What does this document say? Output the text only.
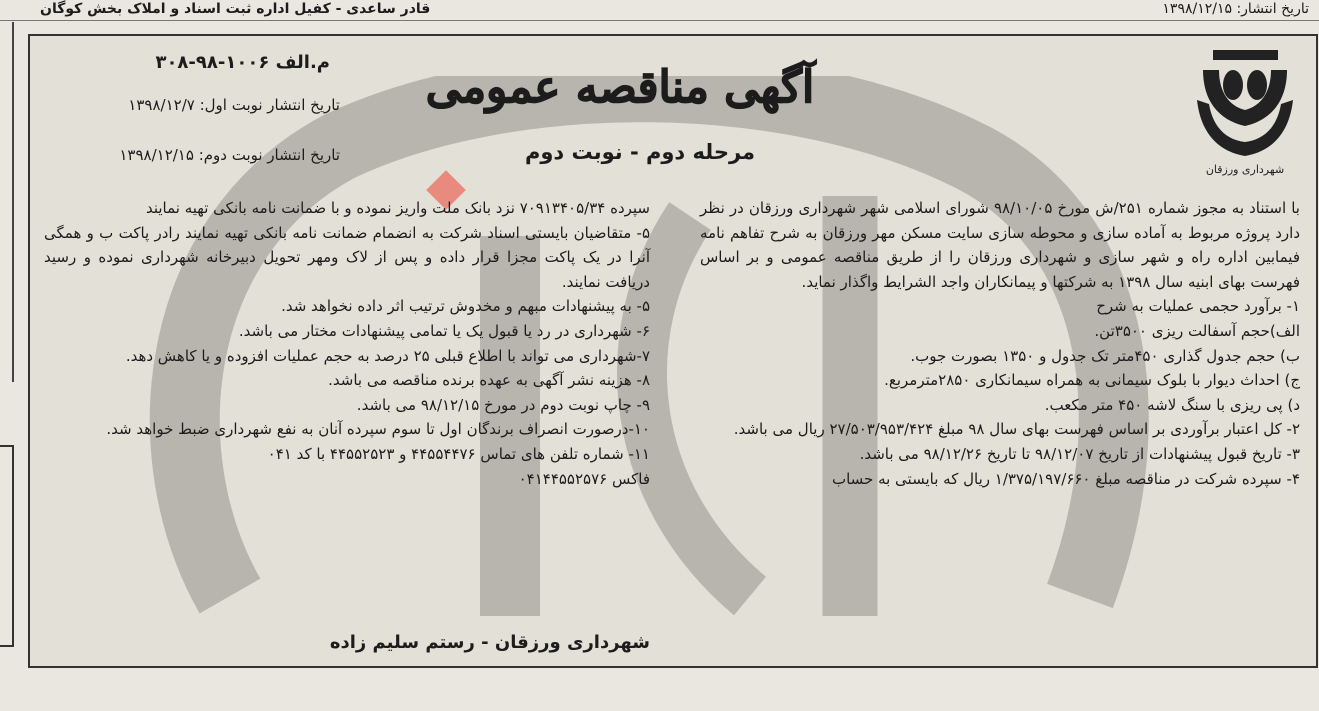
تاریخ انتشار: ۱۳۹۸/۱۲/۱۵
قادر ساعدی - کفیل اداره ثبت اسناد و املاک بخش کوگان
شهرداری ورزقان
آگهی مناقصه عمومی
مرحله دوم - نوبت دوم
م.الف ۱۰۰۶-۹۸-۳۰۸
تاریخ انتشار نوبت اول: ۱۳۹۸/۱۲/۷
تاریخ انتشار نوبت دوم: ۱۳۹۸/۱۲/۱۵

با استناد به مجوز شماره ۲۵۱/ش مورخ ۹۸/۱۰/۰۵ شورای اسلامی شهر شهرداری ورزقان در نظر دارد پروژه مربوط به آماده سازی و محوطه سازی سایت مسکن مهر ورزقان به شرح تفاهم نامه فیمابین اداره راه و شهر سازی و شهرداری ورزقان را از طریق مناقصه عمومی و بر اساس فهرست بهای ابنیه سال ۱۳۹۸ به شرکتها و پیمانکاران واجد الشرایط واگذار نماید.

۱- برآورد حجمی عملیات به شرح

الف)حجم آسفالت ریزی ۳۵۰۰تن.

ب) حجم جدول گذاری ۴۵۰متر تک جدول و ۱۳۵۰ بصورت جوب.

ج) احداث دیوار با بلوک سیمانی به همراه سیمانکاری ۲۸۵۰مترمربع.

د) پی ریزی با سنگ لاشه ۴۵۰ متر مکعب.

۲- کل اعتبار برآوردی بر اساس فهرست بهای سال ۹۸ مبلغ ۲۷/۵۰۳/۹۵۳/۴۲۴ ریال می باشد.

۳- تاریخ قبول پیشنهادات از تاریخ ۹۸/۱۲/۰۷ تا تاریخ ۹۸/۱۲/۲۶ می باشد.

۴- سپرده شرکت در مناقصه مبلغ ۱/۳۷۵/۱۹۷/۶۶۰ ریال که بایستی به حساب

سپرده ۷۰۹۱۳۴۰۵/۳۴ نزد بانک ملت واریز نموده و با ضمانت نامه بانکی تهیه نمایند

۵- متقاضیان بایستی اسناد شرکت به انضمام ضمانت نامه بانکی تهیه نمایند رادر پاکت ب و همگی آنرا در یک پاکت مجزا قرار داده و پس از لاک ومهر تحویل دبیرخانه شهرداری نموده و رسید دریافت نمایند.

۵- به پیشنهادات مبهم و مخدوش ترتیب اثر داده نخواهد شد.

۶- شهرداری در رد یا قبول یک یا تمامی پیشنهادات مختار می باشد.

۷-شهرداری می تواند با اطلاع قبلی ۲۵ درصد به حجم عملیات افزوده و یا کاهش دهد.

۸- هزینه نشر آگهی به عهده برنده مناقصه می باشد.

۹- چاپ نوبت دوم در مورخ ۹۸/۱۲/۱۵ می باشد.

۱۰-درصورت انصراف برندگان اول تا سوم سپرده آنان به نفع شهرداری ضبط خواهد شد.

۱۱- شماره تلفن های تماس ۴۴۵۵۴۴۷۶ و ۴۴۵۵۲۵۲۳ با کد ۰۴۱

فاکس ۰۴۱۴۴۵۵۲۵۷۶

شهرداری ورزقان - رستم سلیم زاده
